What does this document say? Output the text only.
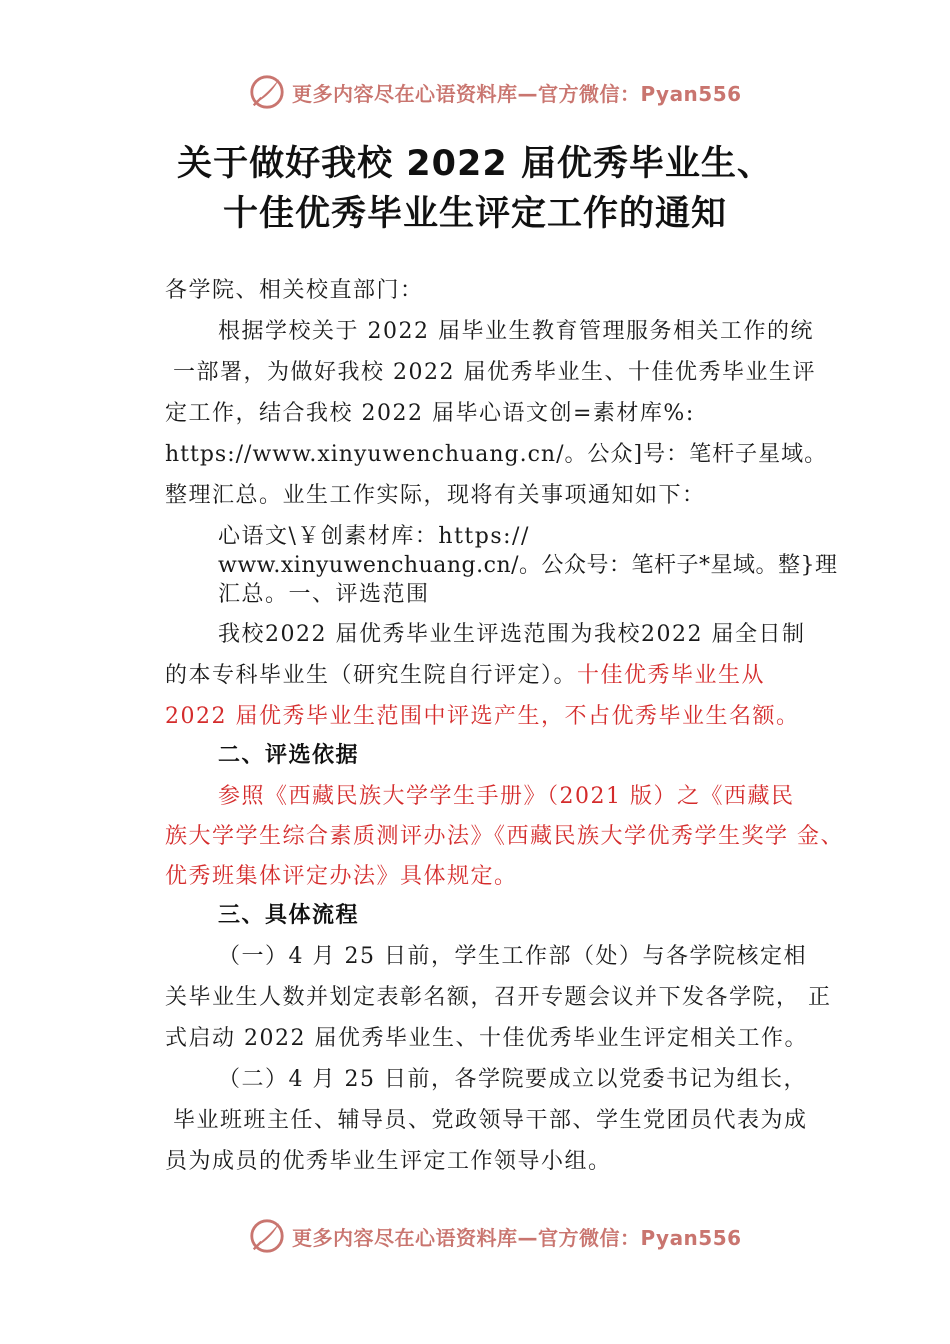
更多内容尽在心语资料库—官方微信：Pyan556
关于做好我校 2022 届优秀毕业生、
十佳优秀毕业生评定工作的通知
各学院、相关校直部门：
根据学校关于 2022 届毕业生教育管理服务相关工作的统
一部署，为做好我校 2022 届优秀毕业生、十佳优秀毕业生评
定工作，结合我校 2022 届毕心语文创=素材库%:
https://www.xinyuwenchuang.cn/。公众]号：笔杆子星域。
整理汇总。业生工作实际，现将有关事项通知如下：
心语文\￥创素材库：https://
www.xinyuwenchuang.cn/。公众号：笔杆子*星域。整}理
汇总。一、评选范围
我校2022 届优秀毕业生评选范围为我校2022 届全日制
的本专科毕业生（研究生院自行评定）。十佳优秀毕业生从
2022 届优秀毕业生范围中评选产生，不占优秀毕业生名额。
二、评选依据
参照《西藏民族大学学生手册》（2021 版）之《西藏民
族大学学生综合素质测评办法》《西藏民族大学优秀学生奖学 金、
优秀班集体评定办法》具体规定。
三、具体流程
（一）4 月 25 日前，学生工作部（处）与各学院核定相
关毕业生人数并划定表彰名额，召开专题会议并下发各学院， 正
式启动 2022 届优秀毕业生、十佳优秀毕业生评定相关工作。
（二）4 月 25 日前，各学院要成立以党委书记为组长，
毕业班班主任、辅导员、党政领导干部、学生党团员代表为成
员为成员的优秀毕业生评定工作领导小组。
更多内容尽在心语资料库—官方微信：Pyan556
